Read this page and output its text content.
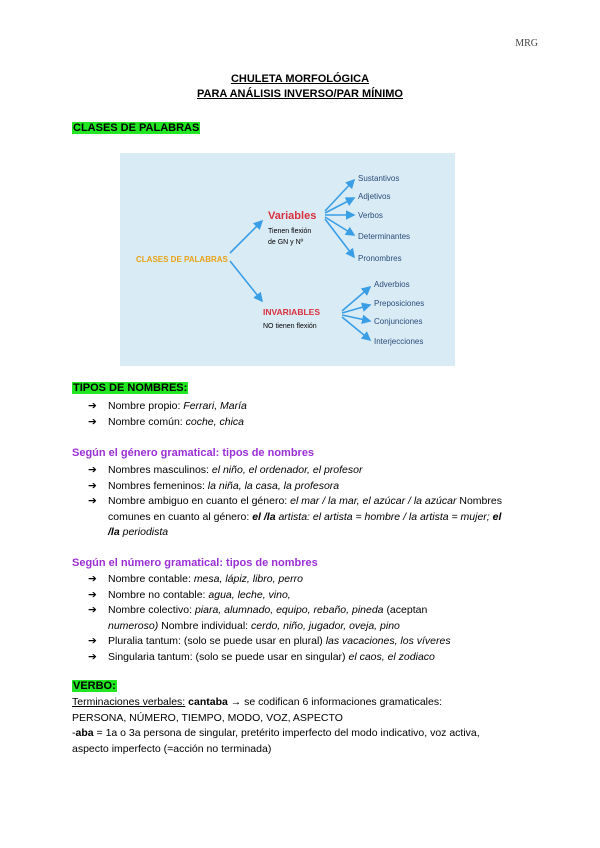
MRG
CHULETA MORFOLÓGICA
PARA ANÁLISIS INVERSO/PAR MÍNIMO
CLASES DE PALABRAS
CLASES DE PALABRAS
Variables
Tienen flexión
de GN y Nº
INVARIABLES
NO tienen flexión
Sustantivos
Adjetivos
Verbos
Determinantes
Pronombres
Adverbios
Preposiciones
Conjunciones
Interjecciones
TIPOS DE NOMBRES:
➔ Nombre propio: Ferrari, María
➔ Nombre común: coche, chica
Según el género gramatical: tipos de nombres
➔ Nombres masculinos: el niño, el ordenador, el profesor
➔ Nombres femeninos: la niña, la casa, la profesora
➔ Nombre ambiguo en cuanto el género: el mar / la mar, el azúcar / la azúcar Nombres comunes en cuanto al género: el /la artista: el artista = hombre / la artista = mujer; el
/la periodista
Según el número gramatical: tipos de nombres
➔ Nombre contable: mesa, lápiz, libro, perro
➔ Nombre no contable: agua, leche, vino,
➔ Nombre colectivo: piara, alumnado, equipo, rebaño, pineda (aceptan
numeroso) Nombre individual: cerdo, niño, jugador, oveja, pino
➔ Pluralia tantum: (solo se puede usar en plural) las vacaciones, los víveres
➔ Singularia tantum: (solo se puede usar en singular) el caos, el zodiaco
VERBO:
Terminaciones verbales: cantaba → se codifican 6 informaciones gramaticales:
PERSONA, NÚMERO, TIEMPO, MODO, VOZ, ASPECTO
-aba = 1a o 3a persona de singular, pretérito imperfecto del modo indicativo, voz activa,
aspecto imperfecto (=acción no terminada)
